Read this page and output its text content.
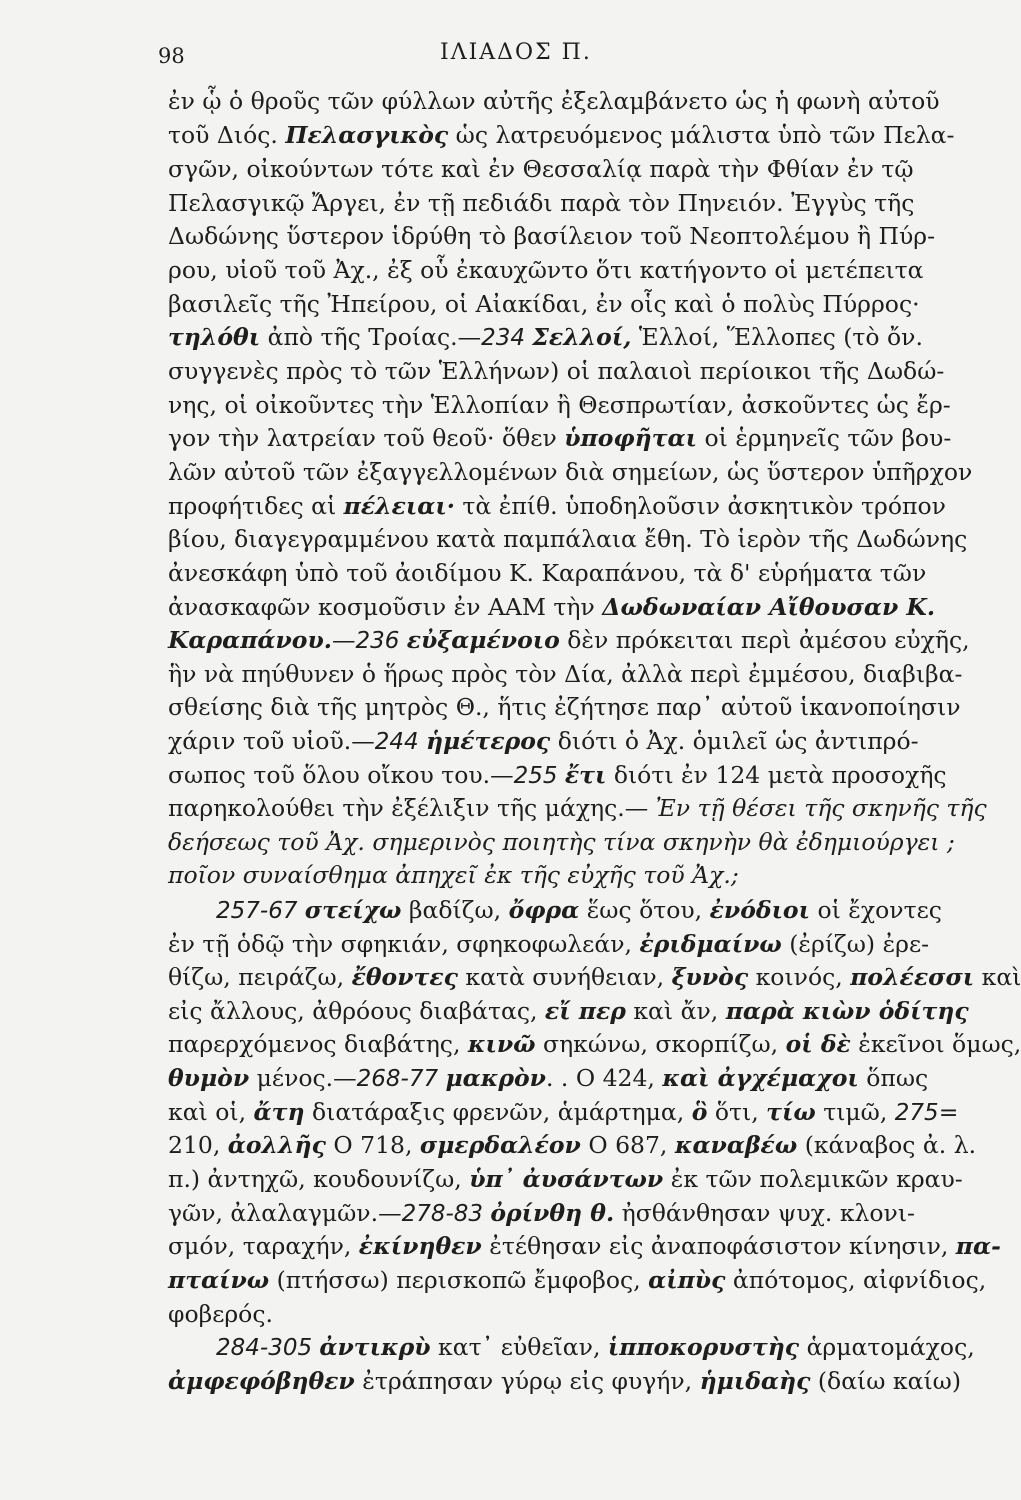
98	ΙΛΙΑΔΟΣ Π.
ἐν ᾧ ὁ θροῦς τῶν φύλλων αὐτῆς ἐξελαμβάνετο ὡς ἡ φωνὴ αὐτοῦ
τοῦ Διός. Πελασγικὸς ὡς λατρευόμενος μάλιστα ὑπὸ τῶν Πελα-
σγῶν, οἰκούντων τότε καὶ ἐν Θεσσαλίᾳ παρὰ τὴν Φθίαν ἐν τῷ
Πελασγικῷ Ἄργει, ἐν τῇ πεδιάδι παρὰ τὸν Πηνειόν. Ἐγγὺς τῆς
Δωδώνης ὕστερον ἱδρύθη τὸ βασίλειον τοῦ Νεοπτολέμου ἢ Πύρ-
ρου, υἱοῦ τοῦ Ἀχ., ἐξ οὗ ἐκαυχῶντο ὅτι κατήγοντο οἱ μετέπειτα
βασιλεῖς τῆς Ἠπείρου, οἱ Αἰακίδαι, ἐν οἷς καὶ ὁ πολὺς Πύρρος·
τηλόθι ἀπὸ τῆς Τροίας.—234 Σελλοί, Ἑλλοί, Ἕλλοπες (τὸ ὄν.
συγγενὲς πρὸς τὸ τῶν Ἑλλήνων) οἱ παλαιοὶ περίοικοι τῆς Δωδώ-
νης, οἱ οἰκοῦντες τὴν Ἑλλοπίαν ἢ Θεσπρωτίαν, ἀσκοῦντες ὡς ἔρ-
γον τὴν λατρείαν τοῦ θεοῦ· ὅθεν ὑποφῆται οἱ ἑρμηνεῖς τῶν βου-
λῶν αὐτοῦ τῶν ἐξαγγελλομένων διὰ σημείων, ὡς ὕστερον ὑπῆρχον
προφήτιδες αἱ πέλειαι· τὰ ἐπίθ. ὑποδηλοῦσιν ἀσκητικὸν τρόπον
βίου, διαγεγραμμένου κατὰ παμπάλαια ἔθη. Τὸ ἱερὸν τῆς Δωδώνης
ἀνεσκάφη ὑπὸ τοῦ ἀοιδίμου Κ. Καραπάνου, τὰ δ' εὑρήματα τῶν
ἀνασκαφῶν κοσμοῦσιν ἐν ΑΑΜ τὴν Δωδωναίαν Αἴθουσαν Κ.
Καραπάνου.—236 εὐξαμένοιο δὲν πρόκειται περὶ ἀμέσου εὐχῆς,
ἣν νὰ πηύθυνεν ὁ ἥρως πρὸς τὸν Δία, ἀλλὰ περὶ ἐμμέσου, διαβιβα-
σθείσης διὰ τῆς μητρὸς Θ., ἥτις ἐζήτησε παρ᾽ αὐτοῦ ἱκανοποίησιν
χάριν τοῦ υἱοῦ.—244 ἡμέτερος διότι ὁ Ἀχ. ὁμιλεῖ ὡς ἀντιπρό-
σωπος τοῦ ὅλου οἴκου του.—255 ἔτι διότι ἐν 124 μετὰ προσοχῆς
παρηκολούθει τὴν ἐξέλιξιν τῆς μάχης.— Ἐν τῇ θέσει τῆς σκηνῆς τῆς
δεήσεως τοῦ Ἀχ. σημερινὸς ποιητὴς τίνα σκηνὴν θὰ ἐδημιούργει ;
ποῖον συναίσθημα ἀπηχεῖ ἐκ τῆς εὐχῆς τοῦ Ἀχ.;
257-67 στείχω βαδίζω, ὄφρα ἕως ὅτου, ἐνόδιοι οἱ ἔχοντες
ἐν τῇ ὁδῷ τὴν σφηκιάν, σφηκοφωλεάν, ἐριδμαίνω (ἐρίζω) ἐρε-
θίζω, πειράζω, ἔθοντες κατὰ συνήθειαν, ξυνὸς κοινός, πολέεσσι καὶ
εἰς ἄλλους, ἀθρόους διαβάτας, εἴ περ καὶ ἄν, παρὰ κιὼν ὁδίτης
παρερχόμενος διαβάτης, κινῶ σηκώνω, σκορπίζω, οἱ δὲ ἐκεῖνοι ὅμως,
θυμὸν μένος.—268-77 μακρὸν. . Ο 424, καὶ ἀγχέμαχοι ὅπως
καὶ οἱ, ἄτη διατάραξις φρενῶν, ἁμάρτημα, ὃ ὅτι, τίω τιμῶ, 275=
210, ἀολλῆς Ο 718, σμερδαλέον Ο 687, καναβέω (κάναβος ἀ. λ.
π.) ἀντηχῶ, κουδουνίζω, ὑπ᾽ ἀυσάντων ἐκ τῶν πολεμικῶν κραυ-
γῶν, ἀλαλαγμῶν.—278-83 ὀρίνθη θ. ἠσθάνθησαν ψυχ. κλονι-
σμόν, ταραχήν, ἐκίνηθεν ἐτέθησαν εἰς ἀναποφάσιστον κίνησιν, πα-
πταίνω (πτήσσω) περισκοπῶ ἔμφοβος, αἰπὺς ἀπότομος, αἰφνίδιος,
φοβερός.
284-305 ἀντικρὺ κατ᾽ εὐθεῖαν, ἱπποκορυστὴς ἁρματομάχος,
ἀμφεφόβηθεν ἐτράπησαν γύρῳ εἰς φυγήν, ἡμιδαὴς (δαίω καίω)
